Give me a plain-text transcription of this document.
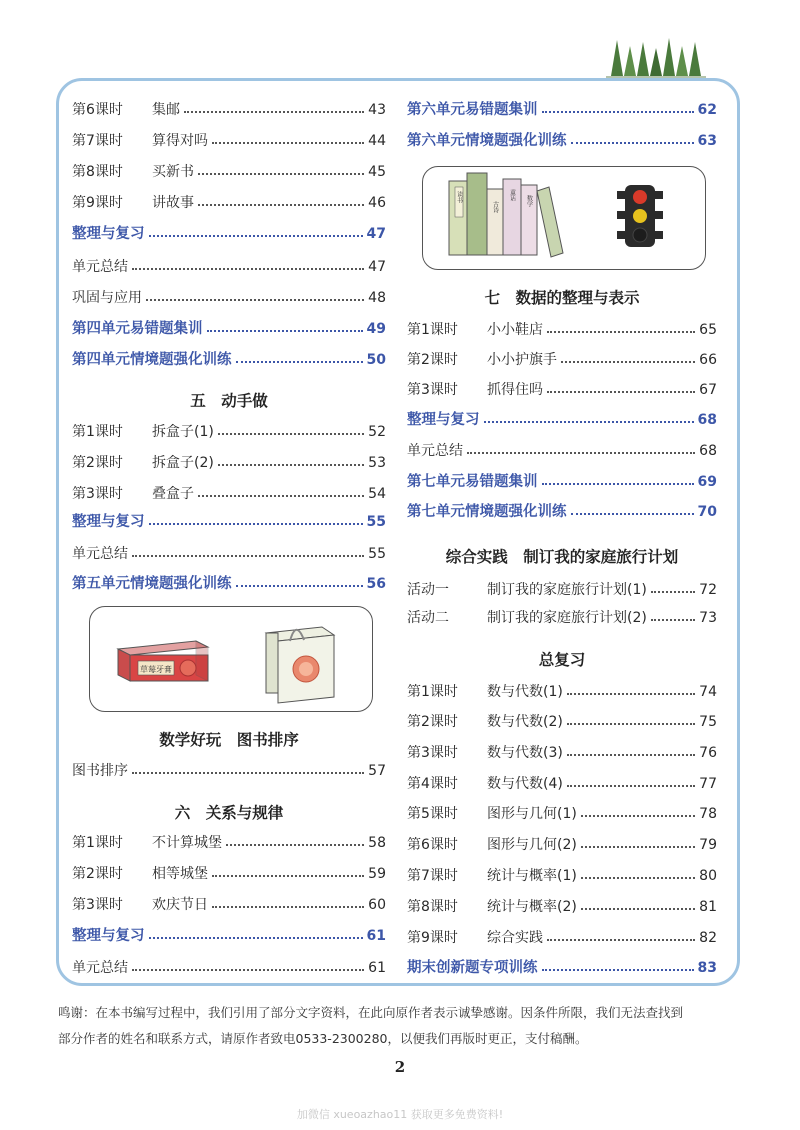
第6课时 集邮	43
第7课时 算得对吗	44
第8课时 买新书	45
第9课时 讲故事	46
整理与复习	47
单元总结	47
巩固与应用	48
第四单元易错题集训	49
第四单元情境题强化训练	50
五　动手做
第1课时 拆盒子(1)	52
第2课时 拆盒子(2)	53
第3课时 叠盒子	54
整理与复习	55
单元总结	55
第五单元情境题强化训练	56
数学好玩　图书排序
图书排序	57
六　关系与规律
第1课时 不计算城堡	58
第2课时 相等城堡	59
第3课时 欢庆节日	60
整理与复习	61
单元总结	61
第六单元易错题集训	62
第六单元情境题强化训练	63
七　数据的整理与表示
第1课时 小小鞋店	65
第2课时 小小护旗手	66
第3课时 抓得住吗	67
整理与复习	68
单元总结	68
第七单元易错题集训	69
第七单元情境题强化训练	70
综合实践　制订我的家庭旅行计划
活动一	制订我的家庭旅行计划(1)	72
活动二	制订我的家庭旅行计划(2)	73
总复习
第1课时 数与代数(1)	74
第2课时 数与代数(2)	75
第3课时 数与代数(3)	76
第4课时 数与代数(4)	77
第5课时 图形与几何(1)	78
第6课时 图形与几何(2)	79
第7课时 统计与概率(1)	80
第8课时 统计与概率(2)	81
第9课时 综合实践	82
期末创新题专项训练	83
草莓牙膏
读书
古诗
童话 数学
鸣谢：在本书编写过程中，我们引用了部分文字资料，在此向原作者表示诚挚感谢。因条件所限，我们无法查找到
部分作者的姓名和联系方式，请原作者致电0533-2300280，以便我们再版时更正，支付稿酬。
2
加微信 xueoazhao11 获取更多免费资料!
